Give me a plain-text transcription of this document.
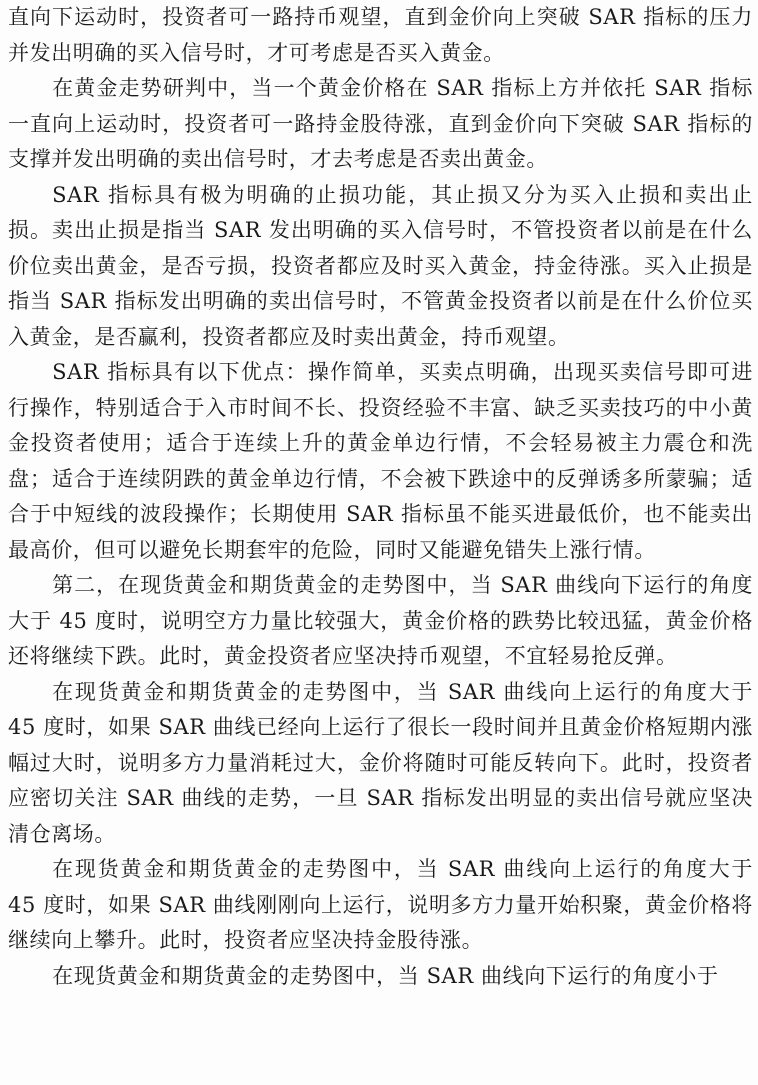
直向下运动时，投资者可一路持币观望，直到金价向上突破 SAR 指标的压力并发出明确的买入信号时，才可考虑是否买入黄金。

在黄金走势研判中，当一个黄金价格在 SAR 指标上方并依托 SAR 指标一直向上运动时，投资者可一路持金股待涨，直到金价向下突破 SAR 指标的支撑并发出明确的卖出信号时，才去考虑是否卖出黄金。

SAR 指标具有极为明确的止损功能，其止损又分为买入止损和卖出止损。卖出止损是指当 SAR 发出明确的买入信号时，不管投资者以前是在什么价位卖出黄金，是否亏损，投资者都应及时买入黄金，持金待涨。买入止损是指当 SAR 指标发出明确的卖出信号时，不管黄金投资者以前是在什么价位买入黄金，是否赢利，投资者都应及时卖出黄金，持币观望。

SAR 指标具有以下优点：操作简单，买卖点明确，出现买卖信号即可进行操作，特别适合于入市时间不长、投资经验不丰富、缺乏买卖技巧的中小黄金投资者使用；适合于连续上升的黄金单边行情，不会轻易被主力震仓和洗盘；适合于连续阴跌的黄金单边行情，不会被下跌途中的反弹诱多所蒙骗；适合于中短线的波段操作；长期使用 SAR 指标虽不能买进最低价，也不能卖出最高价，但可以避免长期套牢的危险，同时又能避免错失上涨行情。

第二，在现货黄金和期货黄金的走势图中，当 SAR 曲线向下运行的角度大于 45 度时，说明空方力量比较强大，黄金价格的跌势比较迅猛，黄金价格还将继续下跌。此时，黄金投资者应坚决持币观望，不宜轻易抢反弹。

在现货黄金和期货黄金的走势图中，当 SAR 曲线向上运行的角度大于 45 度时，如果 SAR 曲线已经向上运行了很长一段时间并且黄金价格短期内涨幅过大时，说明多方力量消耗过大，金价将随时可能反转向下。此时，投资者应密切关注 SAR 曲线的走势，一旦 SAR 指标发出明显的卖出信号就应坚决清仓离场。

在现货黄金和期货黄金的走势图中，当 SAR 曲线向上运行的角度大于 45 度时，如果 SAR 曲线刚刚向上运行，说明多方力量开始积聚，黄金价格将继续向上攀升。此时，投资者应坚决持金股待涨。

在现货黄金和期货黄金的走势图中，当 SAR 曲线向下运行的角度小于
